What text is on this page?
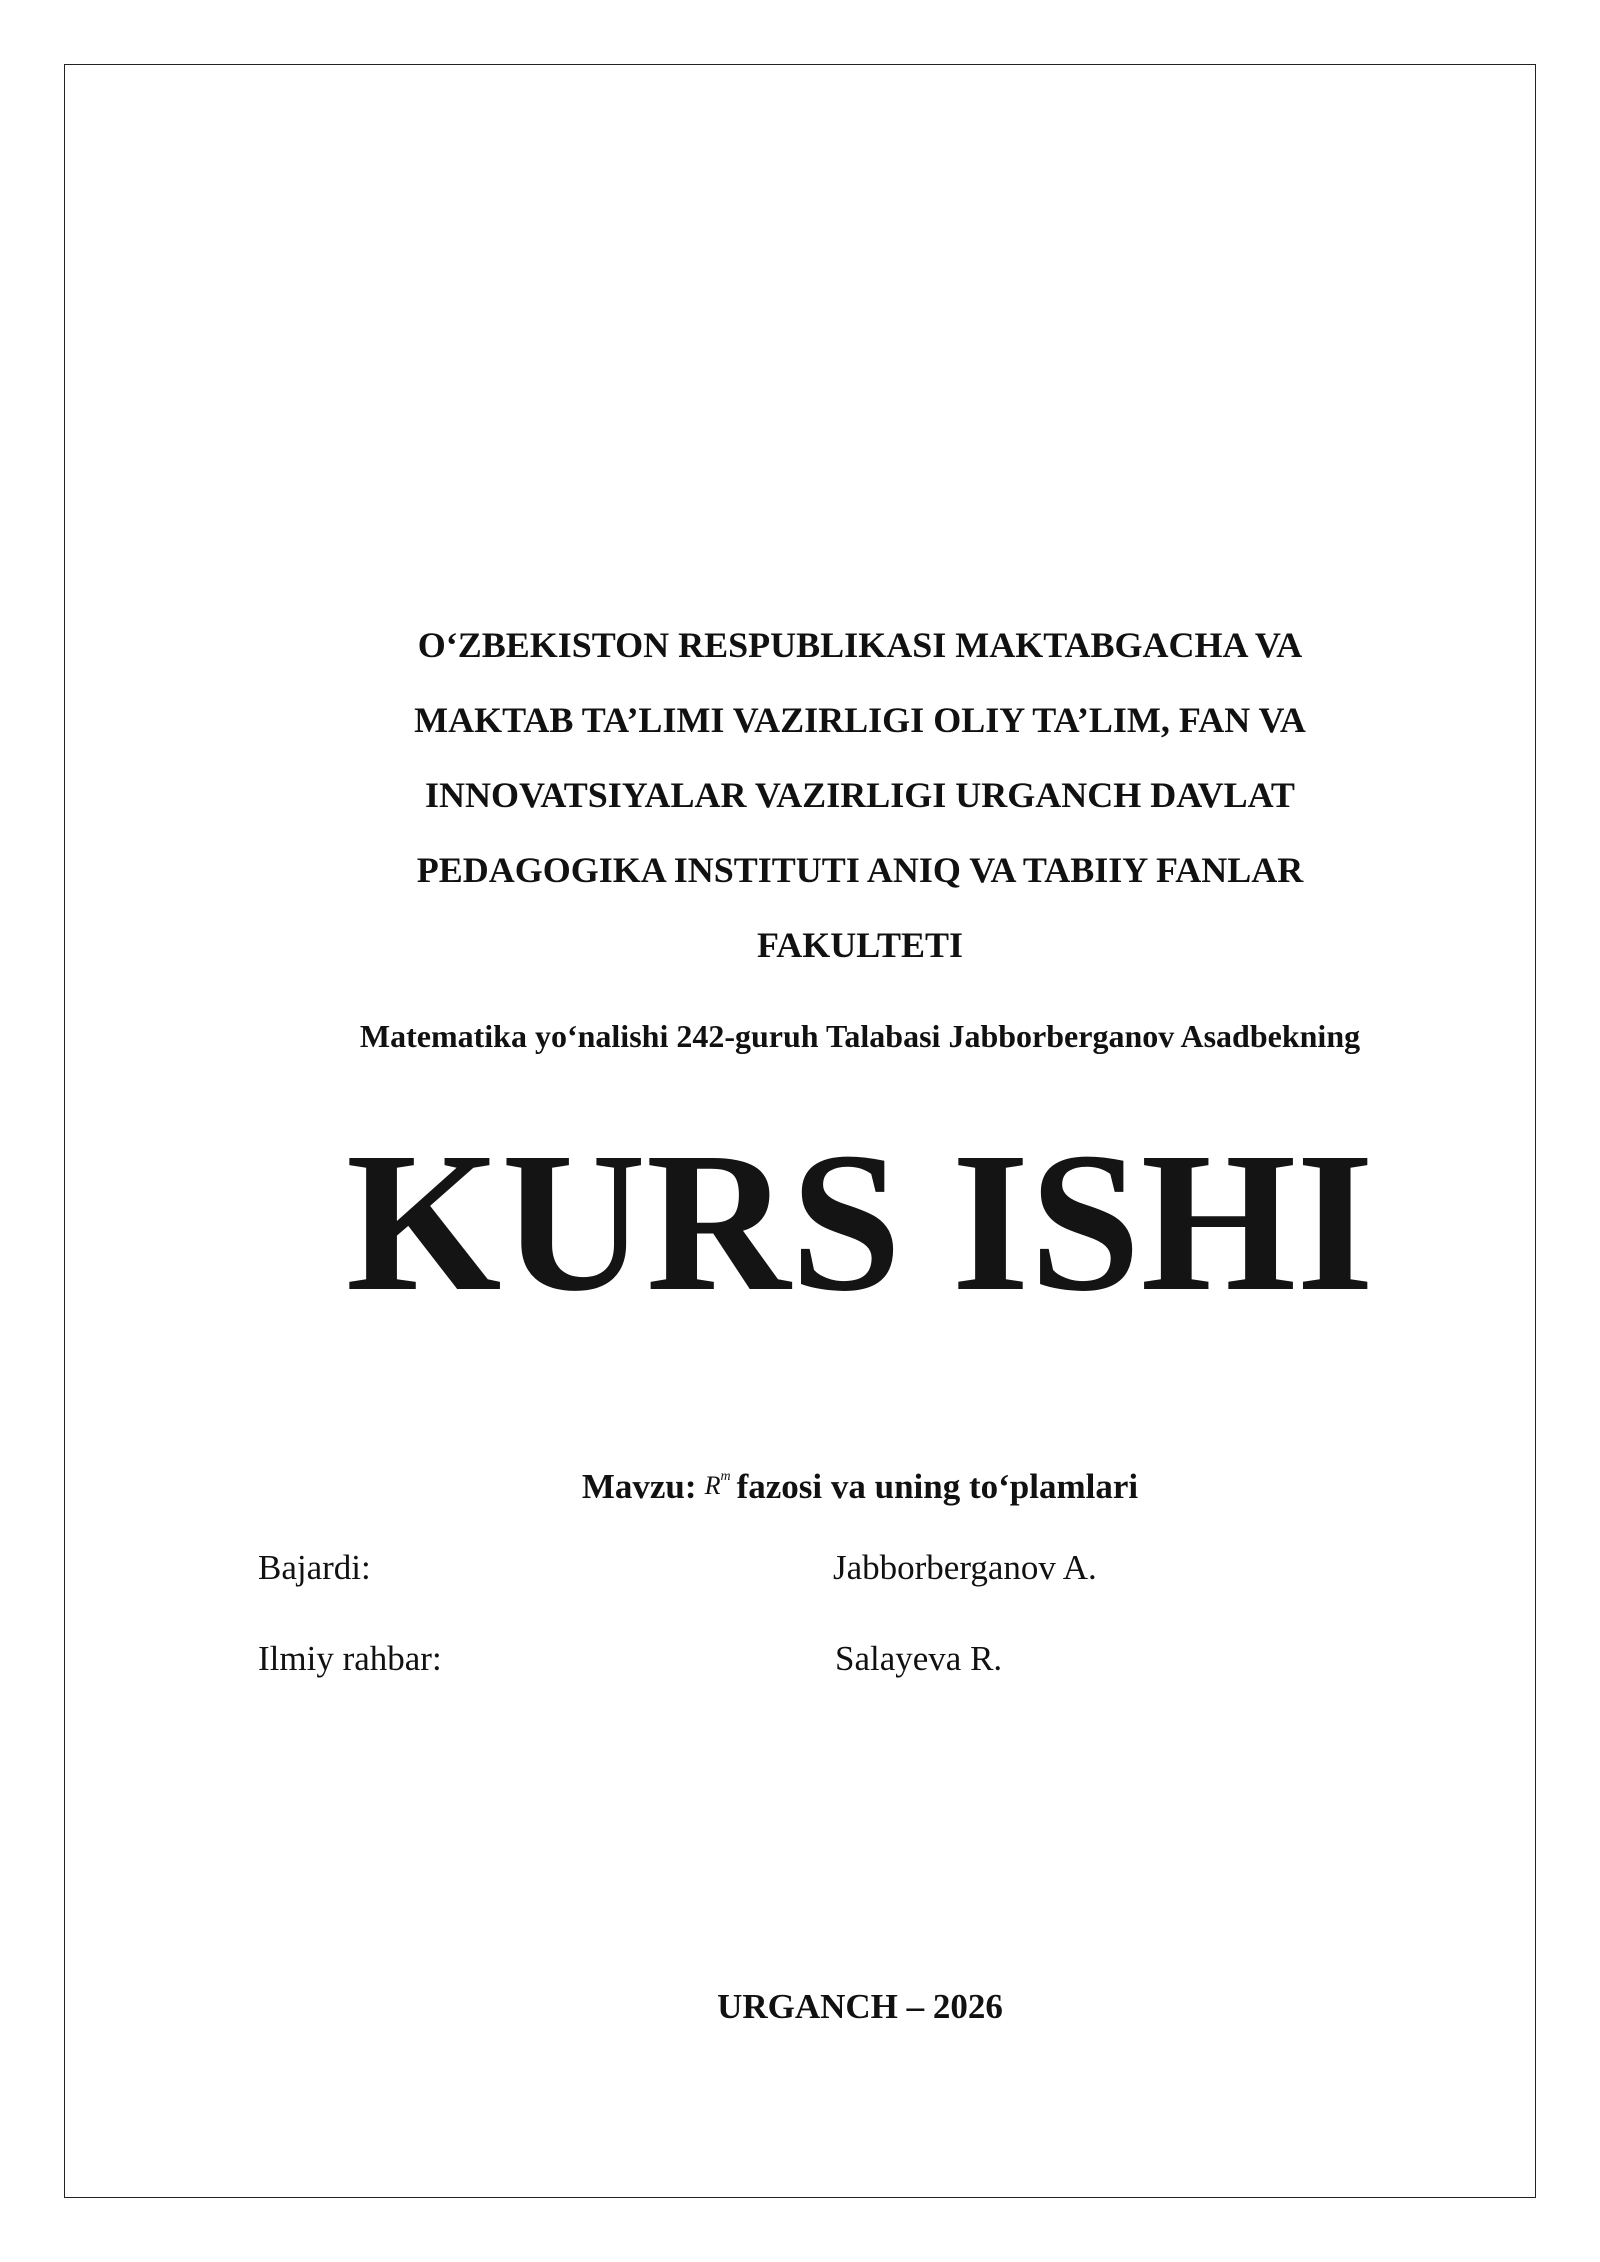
O‘ZBEKISTON RESPUBLIKASI MAKTABGACHA VA
MAKTAB TA’LIMI VAZIRLIGI OLIY TA’LIM, FAN VA
INNOVATSIYALAR VAZIRLIGI URGANCH DAVLAT
PEDAGOGIKA INSTITUTI ANIQ VA TABIIY FANLAR
FAKULTETI

Matematika yo‘nalishi 242-guruh Talabasi Jabborberganov Asadbekning

KURS ISHI

Mavzu: $R^m$ fazosi va uning to‘plamlari

Bajardi:	Jabborberganov A.
Ilmiy rahbar:	Salayeva R.

URGANCH – 2026
